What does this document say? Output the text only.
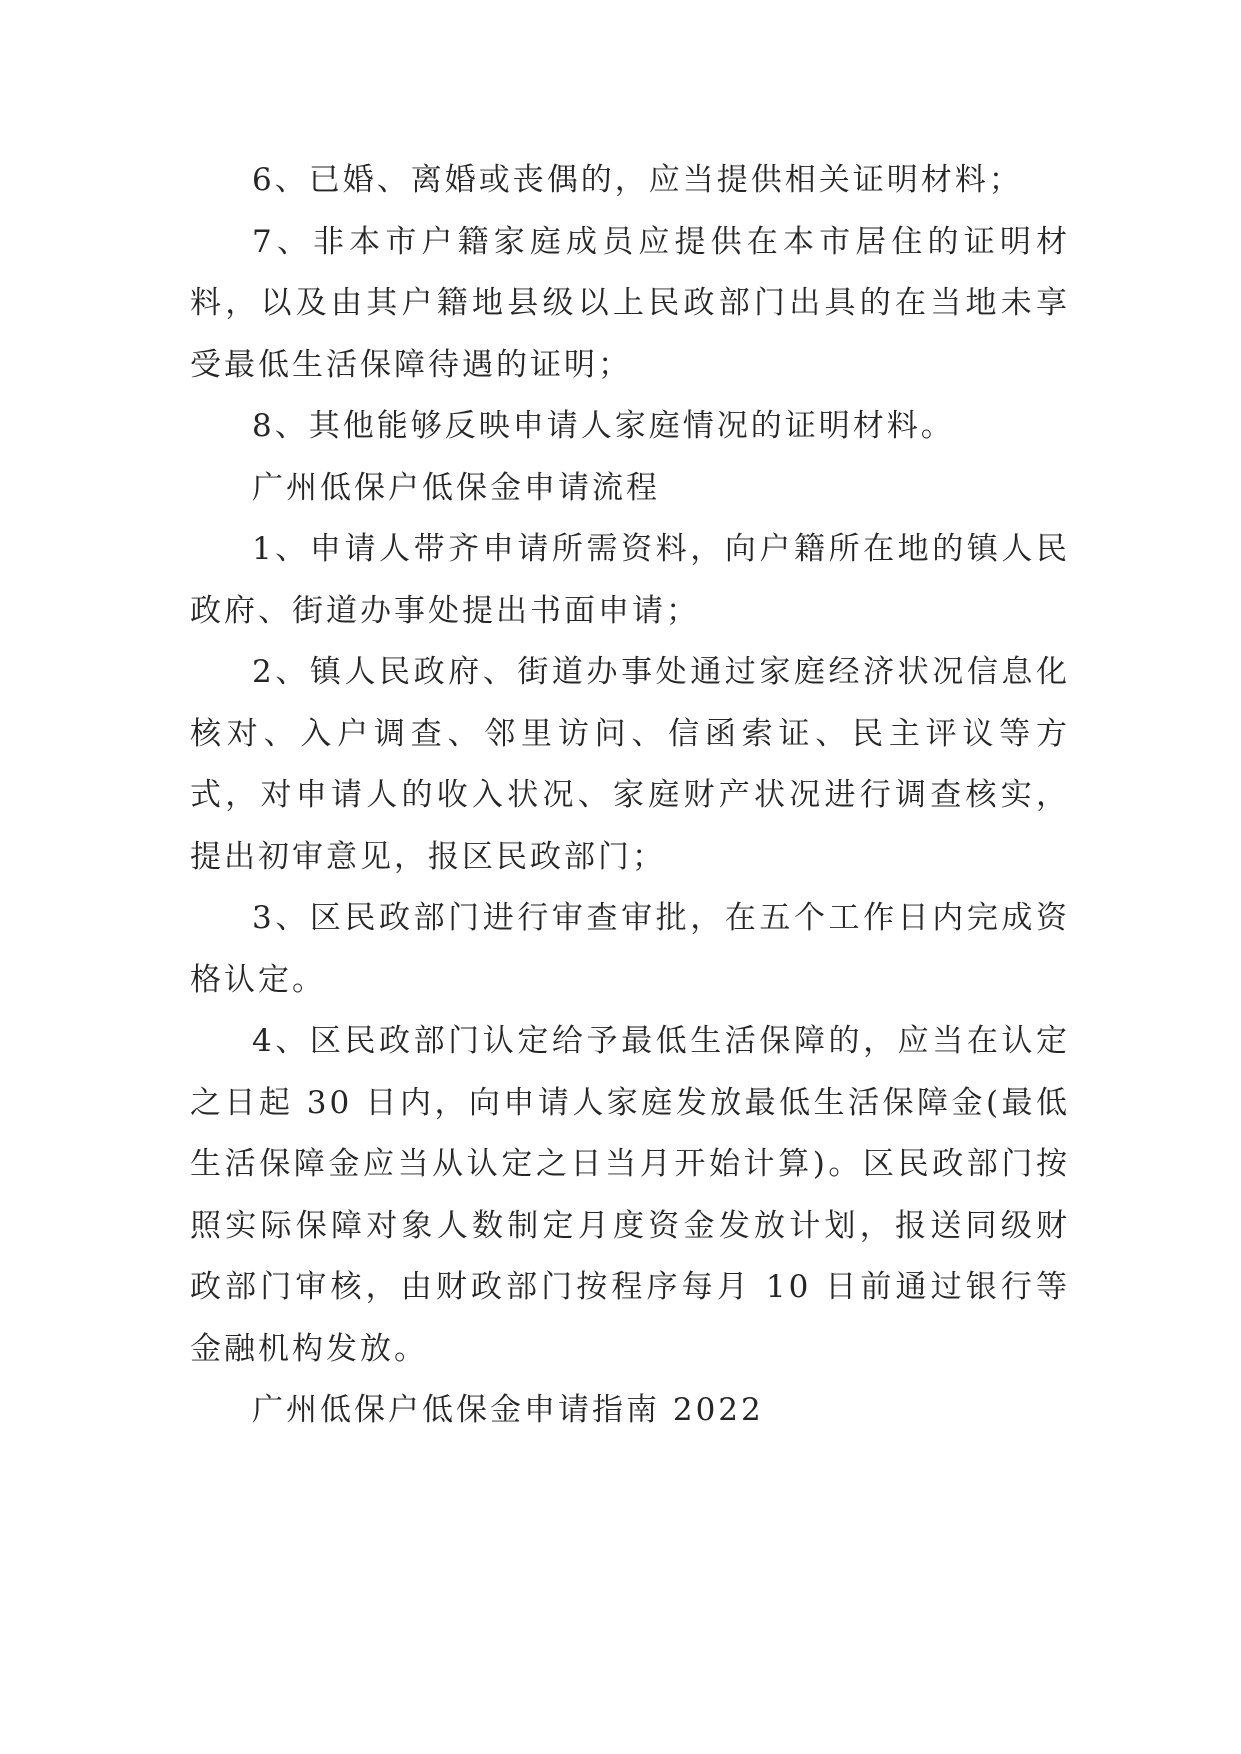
6、已婚、离婚或丧偶的，应当提供相关证明材料；

7、非本市户籍家庭成员应提供在本市居住的证明材料，以及由其户籍地县级以上民政部门出具的在当地未享受最低生活保障待遇的证明；

8、其他能够反映申请人家庭情况的证明材料。

广州低保户低保金申请流程

1、申请人带齐申请所需资料，向户籍所在地的镇人民政府、街道办事处提出书面申请；

2、镇人民政府、街道办事处通过家庭经济状况信息化核对、入户调查、邻里访问、信函索证、民主评议等方式，对申请人的收入状况、家庭财产状况进行调查核实，提出初审意见，报区民政部门；

3、区民政部门进行审查审批，在五个工作日内完成资格认定。

4、区民政部门认定给予最低生活保障的，应当在认定之日起 30 日内，向申请人家庭发放最低生活保障金(最低生活保障金应当从认定之日当月开始计算)。区民政部门按照实际保障对象人数制定月度资金发放计划，报送同级财政部门审核，由财政部门按程序每月 10 日前通过银行等金融机构发放。

广州低保户低保金申请指南 2022
